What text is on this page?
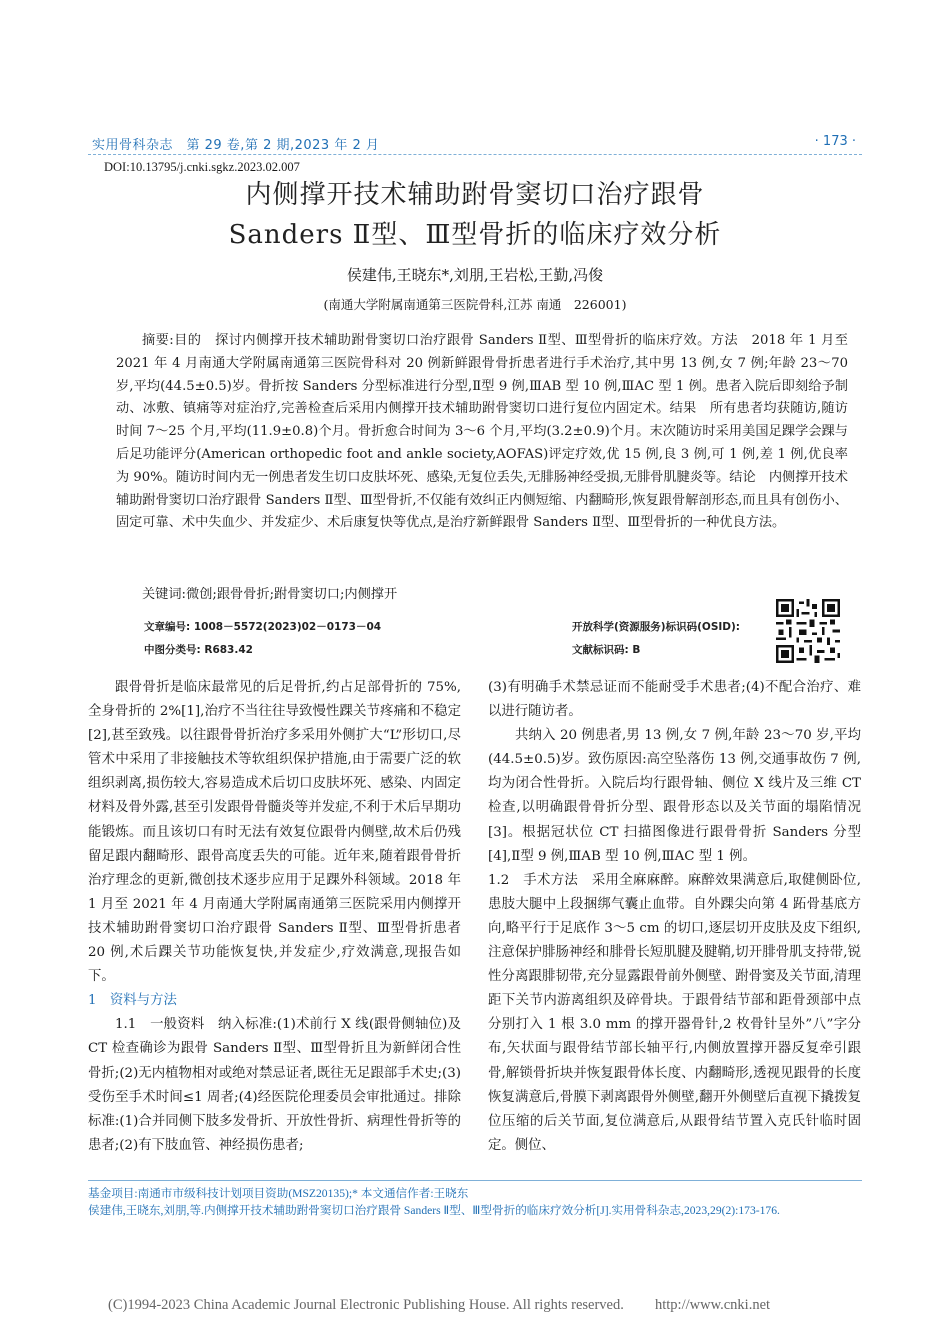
实用骨科杂志　第 29 卷,第 2 期,2023 年 2 月	· 173 ·
DOI:10.13795/j.cnki.sgkz.2023.02.007
内侧撑开技术辅助跗骨窦切口治疗跟骨
Sanders Ⅱ型、Ⅲ型骨折的临床疗效分析
侯建伟,王晓东*,刘朋,王岩松,王勤,冯俊
(南通大学附属南通第三医院骨科,江苏 南通　226001)

摘要:目的　探讨内侧撑开技术辅助跗骨窦切口治疗跟骨 Sanders Ⅱ型、Ⅲ型骨折的临床疗效。方法　2018 年 1 月至 2021 年 4 月南通大学附属南通第三医院骨科对 20 例新鲜跟骨骨折患者进行手术治疗,其中男 13 例,女 7 例;年龄 23～70 岁,平均(44.5±0.5)岁。骨折按 Sanders 分型标准进行分型,Ⅱ型 9 例,ⅢAB 型 10 例,ⅢAC 型 1 例。患者入院后即刻给予制动、冰敷、镇痛等对症治疗,完善检查后采用内侧撑开技术辅助跗骨窦切口进行复位内固定术。结果　所有患者均获随访,随访时间 7～25 个月,平均(11.9±0.8)个月。骨折愈合时间为 3～6 个月,平均(3.2±0.9)个月。末次随访时采用美国足踝学会踝与后足功能评分(American orthopedic foot and ankle society,AOFAS)评定疗效,优 15 例,良 3 例,可 1 例,差 1 例,优良率为 90%。随访时间内无一例患者发生切口皮肤坏死、感染,无复位丢失,无腓肠神经受损,无腓骨肌腱炎等。结论　内侧撑开技术辅助跗骨窦切口治疗跟骨 Sanders Ⅱ型、Ⅲ型骨折,不仅能有效纠正内侧短缩、内翻畸形,恢复跟骨解剖形态,而且具有创伤小、固定可靠、术中失血少、并发症少、术后康复快等优点,是治疗新鲜跟骨 Sanders Ⅱ型、Ⅲ型骨折的一种优良方法。

关键词:微创;跟骨骨折;跗骨窦切口;内侧撑开
文章编号: 1008－5572(2023)02－0173－04
中图分类号: R683.42
开放科学(资源服务)标识码(OSID):
文献标识码: B

跟骨骨折是临床最常见的后足骨折,约占足部骨折的 75%,全身骨折的 2%[1],治疗不当往往导致慢性踝关节疼痛和不稳定[2],甚至致残。以往跟骨骨折治疗多采用外侧扩大“L”形切口,尽管术中采用了非接触技术等软组织保护措施,由于需要广泛的软组织剥离,损伤较大,容易造成术后切口皮肤坏死、感染、内固定材料及骨外露,甚至引发跟骨骨髓炎等并发症,不利于术后早期功能锻炼。而且该切口有时无法有效复位跟骨内侧壁,故术后仍残留足跟内翻畸形、跟骨高度丢失的可能。近年来,随着跟骨骨折治疗理念的更新,微创技术逐步应用于足踝外科领域。2018 年 1 月至 2021 年 4 月南通大学附属南通第三医院采用内侧撑开技术辅助跗骨窦切口治疗跟骨 Sanders Ⅱ型、Ⅲ型骨折患者 20 例,术后踝关节功能恢复快,并发症少,疗效满意,现报告如下。

1　资料与方法

1.1　一般资料　纳入标准:(1)术前行 X 线(跟骨侧轴位)及 CT 检查确诊为跟骨 Sanders Ⅱ型、Ⅲ型骨折且为新鲜闭合性骨折;(2)无内植物相对或绝对禁忌证者,既往无足跟部手术史;(3)受伤至手术时间≤1 周者;(4)经医院伦理委员会审批通过。排除标准:(1)合并同侧下肢多发骨折、开放性骨折、病理性骨折等的患者;(2)有下肢血管、神经损伤患者;

(3)有明确手术禁忌证而不能耐受手术患者;(4)不配合治疗、难以进行随访者。

共纳入 20 例患者,男 13 例,女 7 例,年龄 23～70 岁,平均(44.5±0.5)岁。致伤原因:高空坠落伤 13 例,交通事故伤 7 例,均为闭合性骨折。入院后均行跟骨轴、侧位 X 线片及三维 CT 检查,以明确跟骨骨折分型、跟骨形态以及关节面的塌陷情况[3]。根据冠状位 CT 扫描图像进行跟骨骨折 Sanders 分型[4],Ⅱ型 9 例,ⅢAB 型 10 例,ⅢAC 型 1 例。

1.2　手术方法　采用全麻麻醉。麻醉效果满意后,取健侧卧位,患肢大腿中上段捆绑气囊止血带。自外踝尖向第 4 跖骨基底方向,略平行于足底作 3～5 cm 的切口,逐层切开皮肤及皮下组织,注意保护腓肠神经和腓骨长短肌腱及腱鞘,切开腓骨肌支持带,锐性分离跟腓韧带,充分显露跟骨前外侧壁、跗骨窦及关节面,清理距下关节内游离组织及碎骨块。于跟骨结节部和距骨颈部中点分别打入 1 根 3.0 mm 的撑开器骨针,2 枚骨针呈外”八”字分布,矢状面与跟骨结节部长轴平行,内侧放置撑开器反复牵引跟骨,解锁骨折块并恢复跟骨体长度、内翻畸形,透视见跟骨的长度恢复满意后,骨膜下剥离跟骨外侧壁,翻开外侧壁后直视下撬拨复位压缩的后关节面,复位满意后,从跟骨结节置入克氏针临时固定。侧位、

基金项目:南通市市级科技计划项目资助(MSZ20135);* 本文通信作者:王晓东
侯建伟,王晓东,刘朋,等.内侧撑开技术辅助跗骨窦切口治疗跟骨 Sanders Ⅱ型、Ⅲ型骨折的临床疗效分析[J].实用骨科杂志,2023,29(2):173-176.
(C)1994-2023 China Academic Journal Electronic Publishing House. All rights reserved. http://www.cnki.net
